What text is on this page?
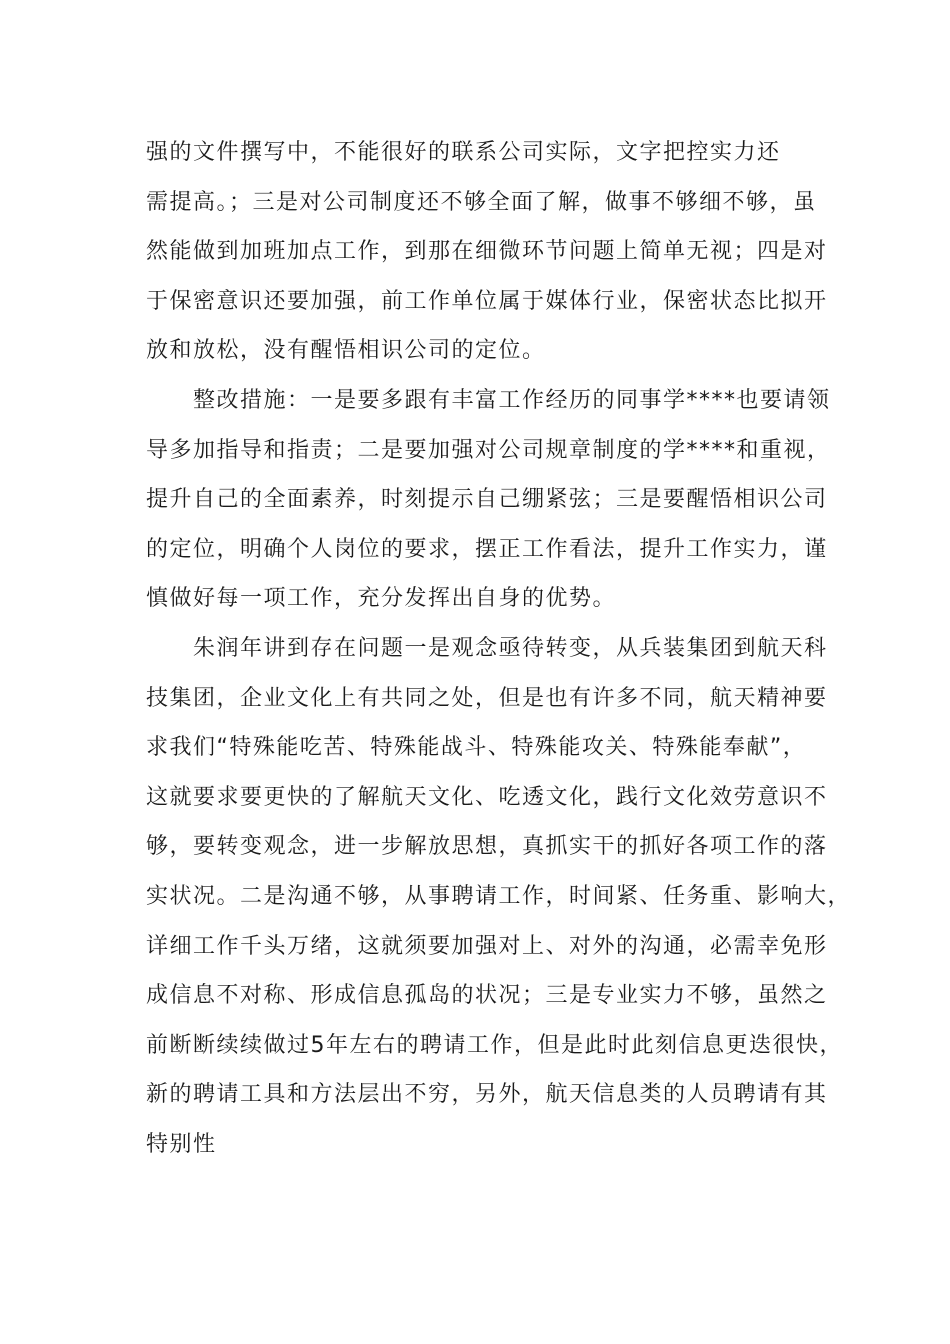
强的文件撰写中，不能很好的联系公司实际，文字把控实力还
需提高。；三是对公司制度还不够全面了解，做事不够细不够，虽
然能做到加班加点工作，到那在细微环节问题上简单无视；四是对
于保密意识还要加强，前工作单位属于媒体行业，保密状态比拟开
放和放松，没有醒悟相识公司的定位。
整改措施：一是要多跟有丰富工作经历的同事学****也要请领
导多加指导和指责；二是要加强对公司规章制度的学****和重视，
提升自己的全面素养，时刻提示自己绷紧弦；三是要醒悟相识公司
的定位，明确个人岗位的要求，摆正工作看法，提升工作实力，谨
慎做好每一项工作，充分发挥出自身的优势。
朱润年讲到存在问题一是观念亟待转变，从兵装集团到航天科
技集团，企业文化上有共同之处，但是也有许多不同，航天精神要
求我们“特殊能吃苦、特殊能战斗、特殊能攻关、特殊能奉献”，
这就要求要更快的了解航天文化、吃透文化，践行文化效劳意识不
够，要转变观念，进一步解放思想，真抓实干的抓好各项工作的落
实状况。二是沟通不够，从事聘请工作，时间紧、任务重、影响大，
详细工作千头万绪，这就须要加强对上、对外的沟通，必需幸免形
成信息不对称、形成信息孤岛的状况；三是专业实力不够，虽然之
前断断续续做过5年左右的聘请工作，但是此时此刻信息更迭很快，
新的聘请工具和方法层出不穷，另外，航天信息类的人员聘请有其
特别性
